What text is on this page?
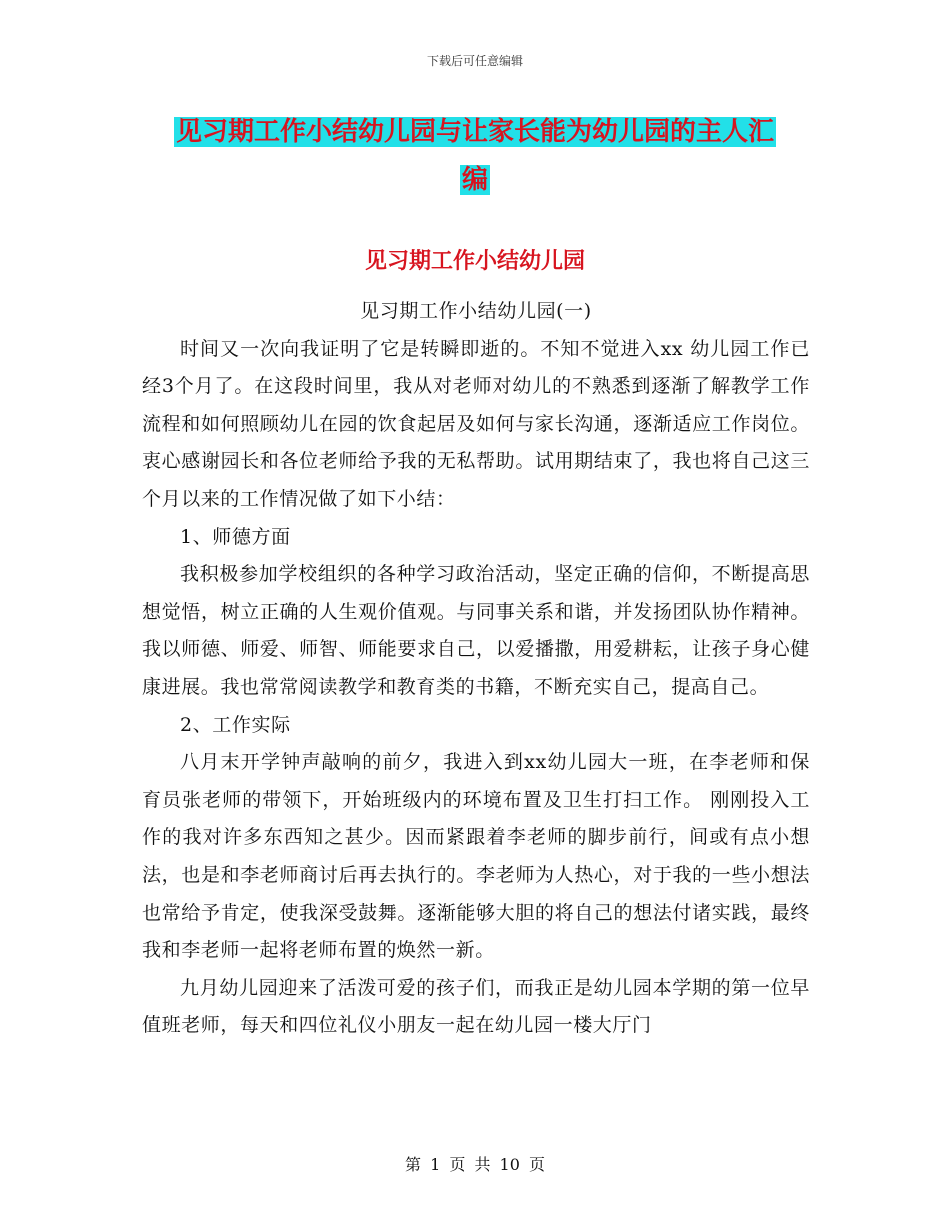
下载后可任意编辑
见习期工作小结幼儿园与让家长能为幼儿园的主人汇
编
见习期工作小结幼儿园

见习期工作小结幼儿园(一)

时间又一次向我证明了它是转瞬即逝的。不知不觉进入xx 幼儿园工作已经3个月了。在这段时间里，我从对老师对幼儿的不熟悉到逐渐了解教学工作流程和如何照顾幼儿在园的饮食起居及如何与家长沟通，逐渐适应工作岗位。衷心感谢园长和各位老师给予我的无私帮助。试用期结束了，我也将自己这三个月以来的工作情况做了如下小结：

1、师德方面

我积极参加学校组织的各种学习政治活动，坚定正确的信仰，不断提高思想觉悟，树立正确的人生观价值观。与同事关系和谐，并发扬团队协作精神。我以师德、师爱、师智、师能要求自己，以爱播撒，用爱耕耘，让孩子身心健康进展。我也常常阅读教学和教育类的书籍，不断充实自己，提高自己。

2、工作实际

八月末开学钟声敲响的前夕，我进入到xx幼儿园大一班，在李老师和保育员张老师的带领下，开始班级内的环境布置及卫生打扫工作。 刚刚投入工作的我对许多东西知之甚少。因而紧跟着李老师的脚步前行，间或有点小想法，也是和李老师商讨后再去执行的。李老师为人热心，对于我的一些小想法也常给予肯定，使我深受鼓舞。逐渐能够大胆的将自己的想法付诸实践，最终我和李老师一起将老师布置的焕然一新。

九月幼儿园迎来了活泼可爱的孩子们，而我正是幼儿园本学期的第一位早值班老师，每天和四位礼仪小朋友一起在幼儿园一楼大厅门

第 1 页 共 10 页
